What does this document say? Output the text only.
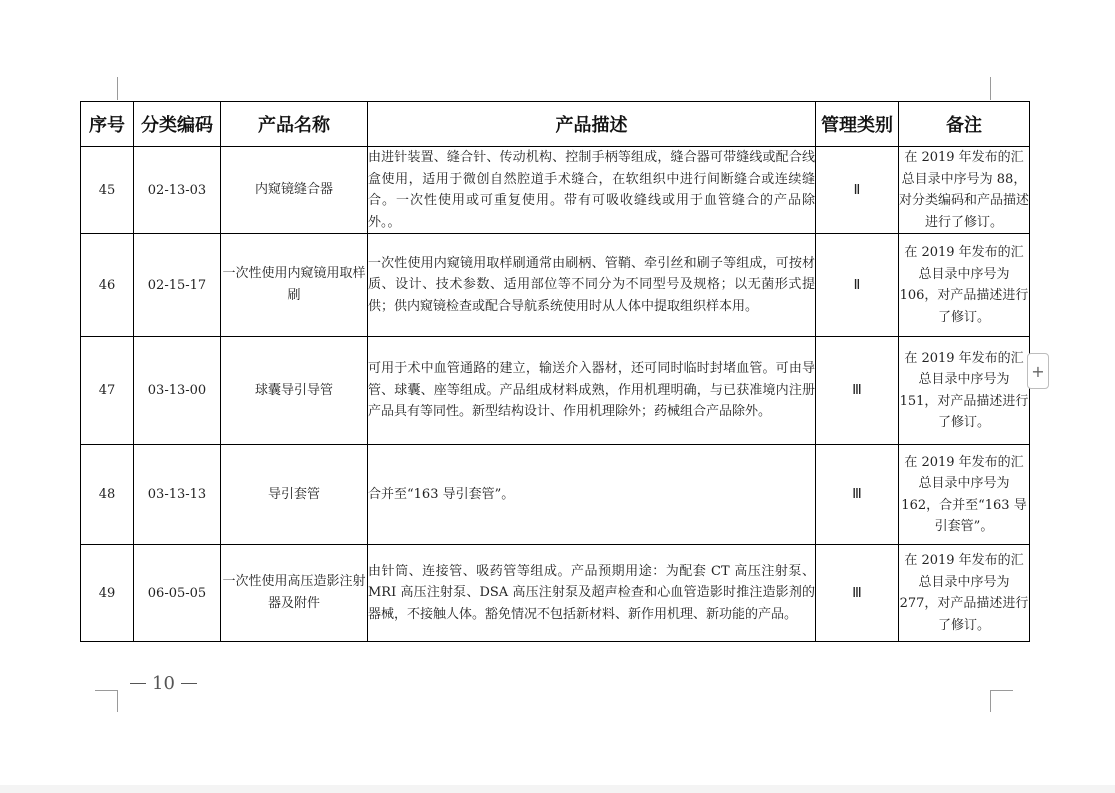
序号	分类编码	产品名称	产品描述	管理类别	备注
45	02-13-03	内窥镜缝合器	由进针装置、缝合针、传动机构、控制手柄等组成，缝合器可带缝线或配合线盒使用，适用于微创自然腔道手术缝合，在软组织中进行间断缝合或连续缝合。一次性使用或可重复使用。带有可吸收缝线或用于血管缝合的产品除外。。	Ⅱ	在 2019 年发布的汇总目录中序号为 88，对分类编码和产品描述进行了修订。
46	02-15-17	一次性使用内窥镜用取样刷	一次性使用内窥镜用取样刷通常由刷柄、管鞘、牵引丝和刷子等组成，可按材质、设计、技术参数、适用部位等不同分为不同型号及规格；以无菌形式提供；供内窥镜检查或配合导航系统使用时从人体中提取组织样本用。	Ⅱ	在 2019 年发布的汇总目录中序号为 106，对产品描述进行了修订。
47	03-13-00	球囊导引导管	可用于术中血管通路的建立，输送介入器材，还可同时临时封堵血管。可由导管、球囊、座等组成。产品组成材料成熟，作用机理明确，与已获准境内注册产品具有等同性。新型结构设计、作用机理除外；药械组合产品除外。	Ⅲ	在 2019 年发布的汇总目录中序号为 151，对产品描述进行了修订。
48	03-13-13	导引套管	合并至“163 导引套管”。	Ⅲ	在 2019 年发布的汇总目录中序号为 162，合并至“163 导引套管”。
49	06-05-05	一次性使用高压造影注射器及附件	由针筒、连接管、吸药管等组成。产品预期用途：为配套 CT 高压注射泵、MRI 高压注射泵、DSA 高压注射泵及超声检查和心血管造影时推注造影剂的器械，不接触人体。豁免情况不包括新材料、新作用机理、新功能的产品。	Ⅲ	在 2019 年发布的汇总目录中序号为 277，对产品描述进行了修订。
+
10
